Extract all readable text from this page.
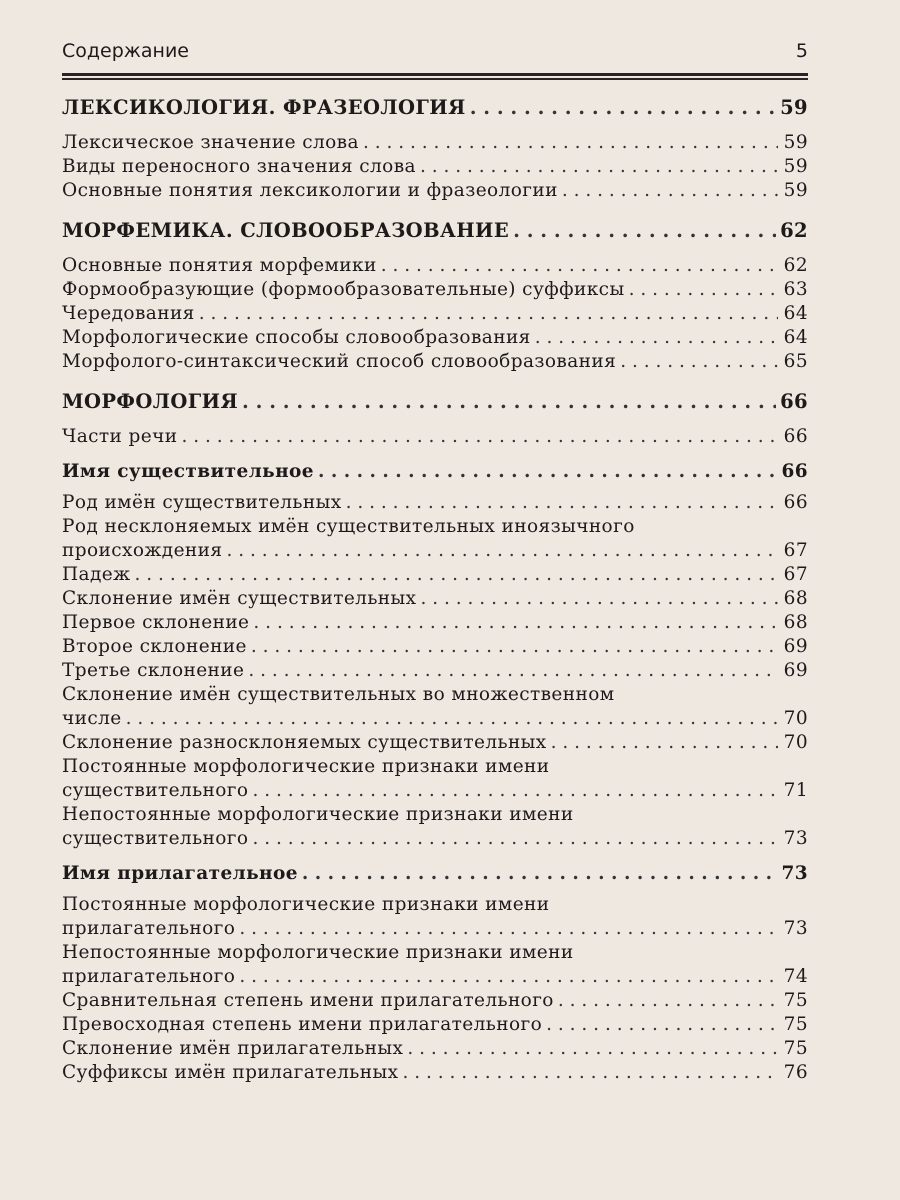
Содержание	5
ЛЕКСИКОЛОГИЯ. ФРАЗЕОЛОГИЯ . . .	59
Лексическое значение слова . . .	59
Виды переносного значения слова . . .	59
Основные понятия лексикологии и фразеологии . . .	59
МОРФЕМИКА. СЛОВООБРАЗОВАНИЕ . . .	62
Основные понятия морфемики . . .	62
Формообразующие (формообразовательные) суффиксы . . .	63
Чередования . . .	64
Морфологические способы словообразования . . .	64
Морфолого-синтаксический способ словообразования . . .	65
МОРФОЛОГИЯ . . .	66
Части речи . . .	66
Имя существительное . . .	66
Род имён существительных . . .	66
Род несклоняемых имён существительных иноязычного
происхождения . . .	67
Падеж . . .	67
Склонение имён существительных . . .	68
Первое склонение . . .	68
Второе склонение . . .	69
Третье склонение . . .	69
Склонение имён существительных во множественном
числе . . .	70
Склонение разносклоняемых существительных . . .	70
Постоянные морфологические признаки имени
существительного . . .	71
Непостоянные морфологические признаки имени
существительного . . .	73
Имя прилагательное . . .	73
Постоянные морфологические признаки имени
прилагательного . . .	73
Непостоянные морфологические признаки имени
прилагательного . . .	74
Сравнительная степень имени прилагательного . . .	75
Превосходная степень имени прилагательного . . .	75
Склонение имён прилагательных . . .	75
Суффиксы имён прилагательных . . .	76
